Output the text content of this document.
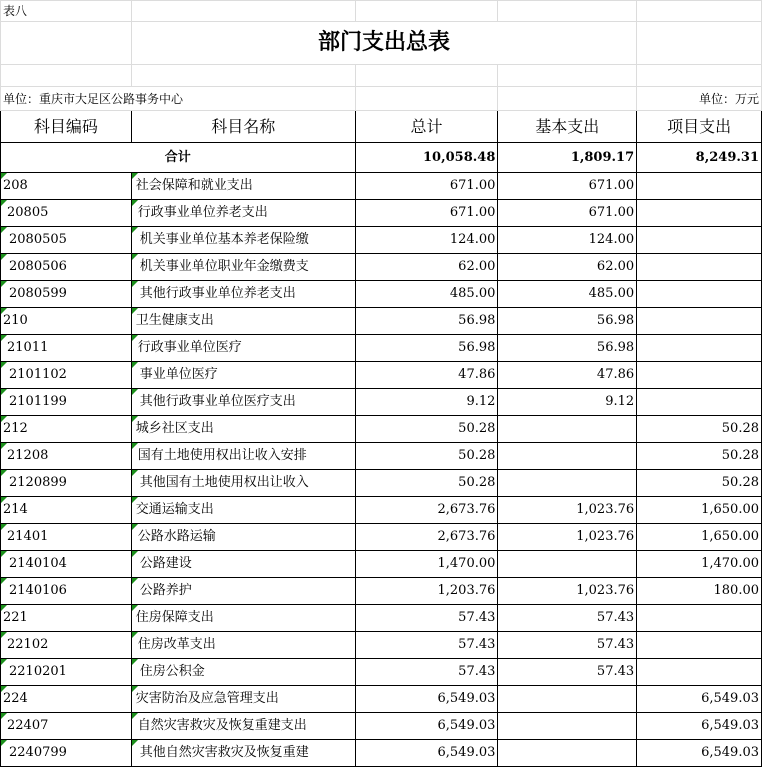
表八				
	部门支出总表			

单位：重庆市大足区公路事务中心				单位：万元
科目编码	科目名称	总计	基本支出	项目支出
合计		10,058.48	1,809.17	8,249.31
208	社会保障和就业支出	671.00	671.00	
20805	行政事业单位养老支出	671.00	671.00	
2080505	机关事业单位基本养老保险缴	124.00	124.00	
2080506	机关事业单位职业年金缴费支	62.00	62.00	
2080599	其他行政事业单位养老支出	485.00	485.00	
210	卫生健康支出	56.98	56.98	
21011	行政事业单位医疗	56.98	56.98	
2101102	事业单位医疗	47.86	47.86	
2101199	其他行政事业单位医疗支出	9.12	9.12	
212	城乡社区支出	50.28		50.28
21208	国有土地使用权出让收入安排	50.28		50.28
2120899	其他国有土地使用权出让收入	50.28		50.28
214	交通运输支出	2,673.76	1,023.76	1,650.00
21401	公路水路运输	2,673.76	1,023.76	1,650.00
2140104	公路建设	1,470.00		1,470.00
2140106	公路养护	1,203.76	1,023.76	180.00
221	住房保障支出	57.43	57.43	
22102	住房改革支出	57.43	57.43	
2210201	住房公积金	57.43	57.43	
224	灾害防治及应急管理支出	6,549.03		6,549.03
22407	自然灾害救灾及恢复重建支出	6,549.03		6,549.03
2240799	其他自然灾害救灾及恢复重建	6,549.03		6,549.03
